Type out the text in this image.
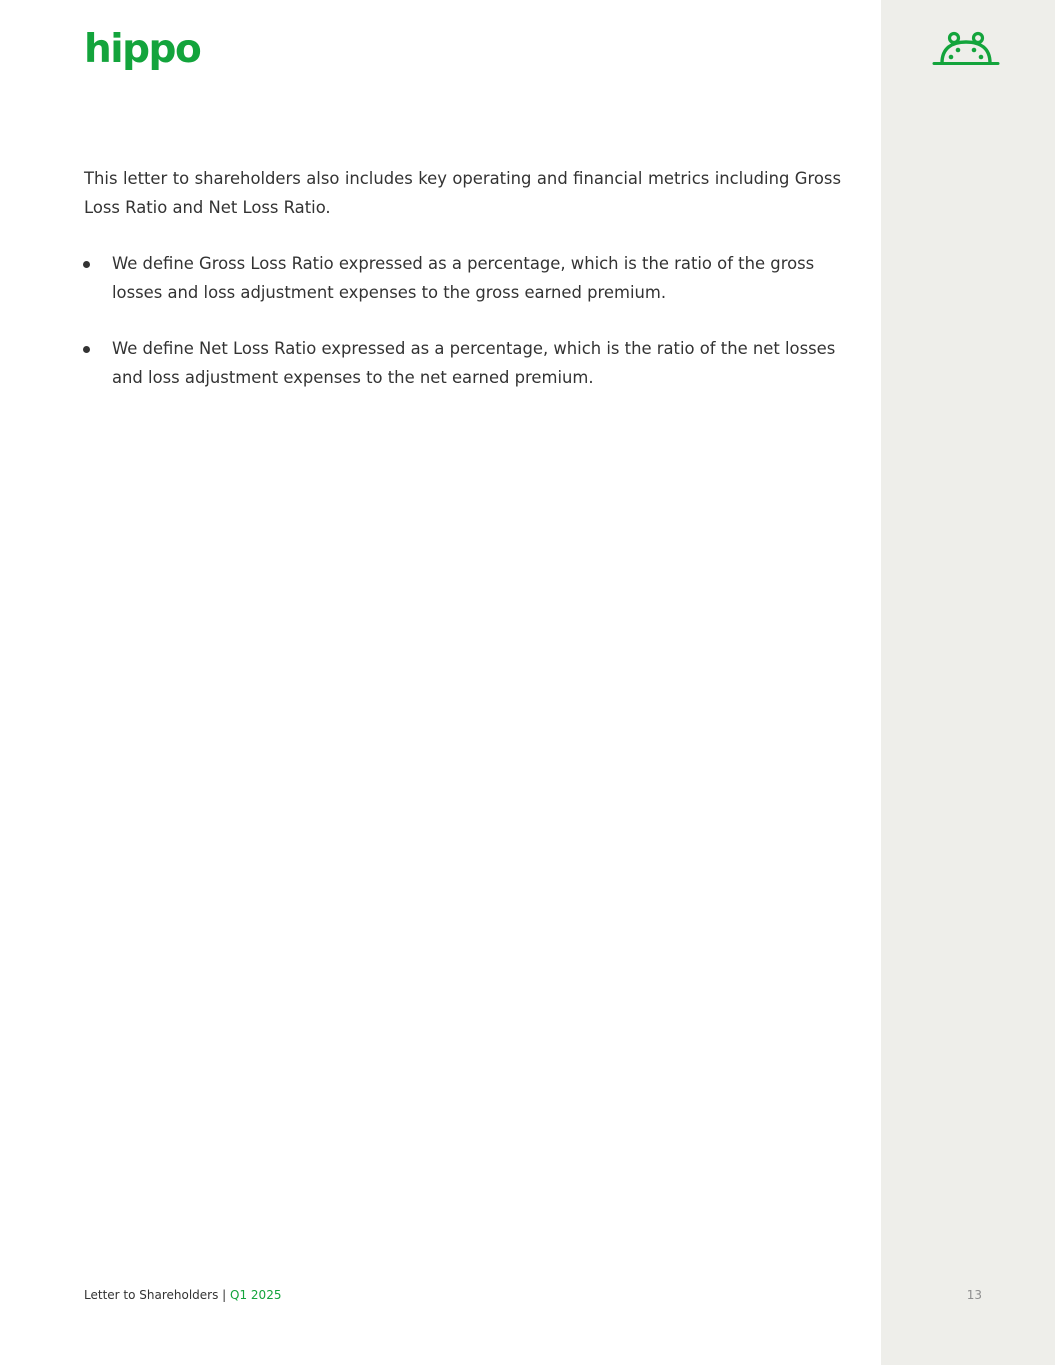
hippo

This letter to shareholders also includes key operating and financial metrics including Gross Loss Ratio and Net Loss Ratio.

We define Gross Loss Ratio expressed as a percentage, which is the ratio of the gross losses and loss adjustment expenses to the gross earned premium.
We define Net Loss Ratio expressed as a percentage, which is the ratio of the net losses and loss adjustment expenses to the net earned premium.
Letter to Shareholders | Q1 2025	13
